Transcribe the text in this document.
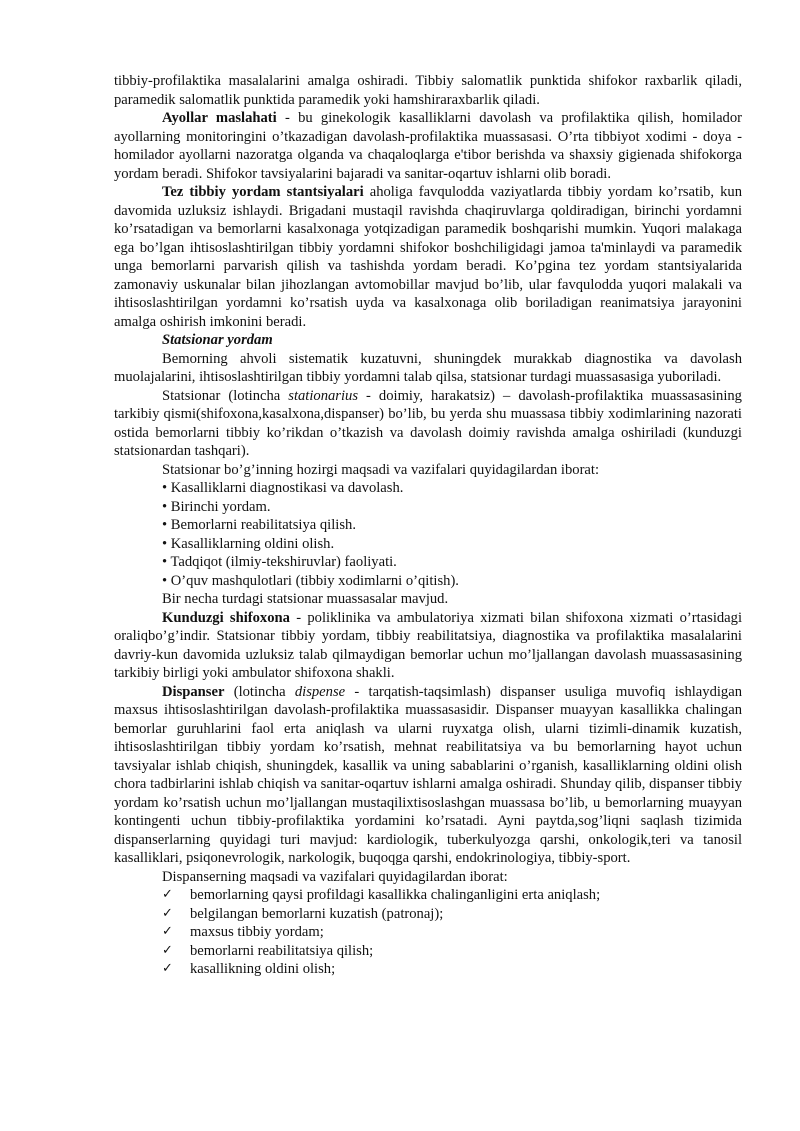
tibbiy-profilaktika masalalarini amalga oshiradi. Tibbiy salomatlik punktida shifokor raxbarlik qiladi, paramedik salomatlik punktida paramedik yoki hamshiraraxbarlik qiladi.

Ayollar maslahati - bu ginekologik kasalliklarni davolash va profilaktika qilish, homilador ayollarning monitoringini o’tkazadigan davolash-profilaktika muassasasi. O’rta tibbiyot xodimi - doya - homilador ayollarni nazoratga olganda va chaqaloqlarga e'tibor berishda va shaxsiy gigienada shifokorga yordam beradi. Shifokor tavsiyalarini bajaradi va sanitar-oqartuv ishlarni olib boradi.

Tez tibbiy yordam stantsiyalari aholiga favqulodda vaziyatlarda tibbiy yordam ko’rsatib, kun davomida uzluksiz ishlaydi. Brigadani mustaqil ravishda chaqiruvlarga qoldiradigan, birinchi yordamni ko’rsatadigan va bemorlarni kasalxonaga yotqizadigan paramedik boshqarishi mumkin. Yuqori malakaga ega bo’lgan ihtisoslashtirilgan tibbiy yordamni shifokor boshchiligidagi jamoa ta'minlaydi va paramedik unga bemorlarni parvarish qilish va tashishda yordam beradi. Ko’pgina tez yordam stantsiyalarida zamonaviy uskunalar bilan jihozlangan avtomobillar mavjud bo’lib, ular favqulodda yuqori malakali va ihtisoslashtirilgan yordamni ko’rsatish uyda va kasalxonaga olib boriladigan reanimatsiya jarayonini amalga oshirish imkonini beradi.

Statsionar yordam

Bemorning ahvoli sistematik kuzatuvni, shuningdek murakkab diagnostika va davolash muolajalarini, ihtisoslashtirilgan tibbiy yordamni talab qilsa, statsionar turdagi muassasasiga yuboriladi.

Statsionar (lotincha stationarius - doimiy, harakatsiz) – davolash-profilaktika muassasasining tarkibiy qismi(shifoxona,kasalxona,dispanser) bo’lib, bu yerda shu muassasa tibbiy xodimlarining nazorati ostida bemorlarni tibbiy ko’rikdan o’tkazish va davolash doimiy ravishda amalga oshiriladi (kunduzgi statsionardan tashqari).

Statsionar bo’g’inning hozirgi maqsadi va vazifalari quyidagilardan iborat:

• Kasalliklarni diagnostikasi va davolash.
• Birinchi yordam.
• Bemorlarni reabilitatsiya qilish.
• Kasalliklarning oldini olish.
• Tadqiqot (ilmiy-tekshiruvlar) faoliyati.
• O’quv mashqulotlari (tibbiy xodimlarni o’qitish).

Bir necha turdagi statsionar muassasalar mavjud.

Kunduzgi shifoxona - poliklinika va ambulatoriya xizmati bilan shifoxona xizmati o’rtasidagi oraliqbo’g’indir. Statsionar tibbiy yordam, tibbiy reabilitatsiya, diagnostika va profilaktika masalalarini davriy-kun davomida uzluksiz talab qilmaydigan bemorlar uchun mo’ljallangan davolash muassasasining tarkibiy birligi yoki ambulator shifoxona shakli.

Dispanser (lotincha dispense - tarqatish-taqsimlash) dispanser usuliga muvofiq ishlaydigan maxsus ihtisoslashtirilgan davolash-profilaktika muassasasidir. Dispanser muayyan kasallikka chalingan bemorlar guruhlarini faol erta aniqlash va ularni ruyxatga olish, ularni tizimli-dinamik kuzatish, ihtisoslashtirilgan tibbiy yordam ko’rsatish, mehnat reabilitatsiya va bu bemorlarning hayot uchun tavsiyalar ishlab chiqish, shuningdek, kasallik va uning sabablarini o’rganish, kasalliklarning oldini olish chora tadbirlarini ishlab chiqish va sanitar-oqartuv ishlarni amalga oshiradi. Shunday qilib, dispanser tibbiy yordam ko’rsatish uchun mo’ljallangan mustaqilixtisoslashgan muassasa bo’lib, u bemorlarning muayyan kontingenti uchun tibbiy-profilaktika yordamini ko’rsatadi. Ayni paytda,sog’liqni saqlash tizimida dispanserlarning quyidagi turi mavjud: kardiologik, tuberkulyozga qarshi, onkologik,teri va tanosil kasalliklari, psiqonevrologik, narkologik, buqoqga qarshi, endokrinologiya, tibbiy-sport.

Dispanserning maqsadi va vazifalari quyidagilardan iborat:

✓ bemorlarning qaysi profildagi kasallikka chalinganligini erta aniqlash;
✓ belgilangan bemorlarni kuzatish (patronaj);
✓ maxsus tibbiy yordam;
✓ bemorlarni reabilitatsiya qilish;
✓ kasallikning oldini olish;
